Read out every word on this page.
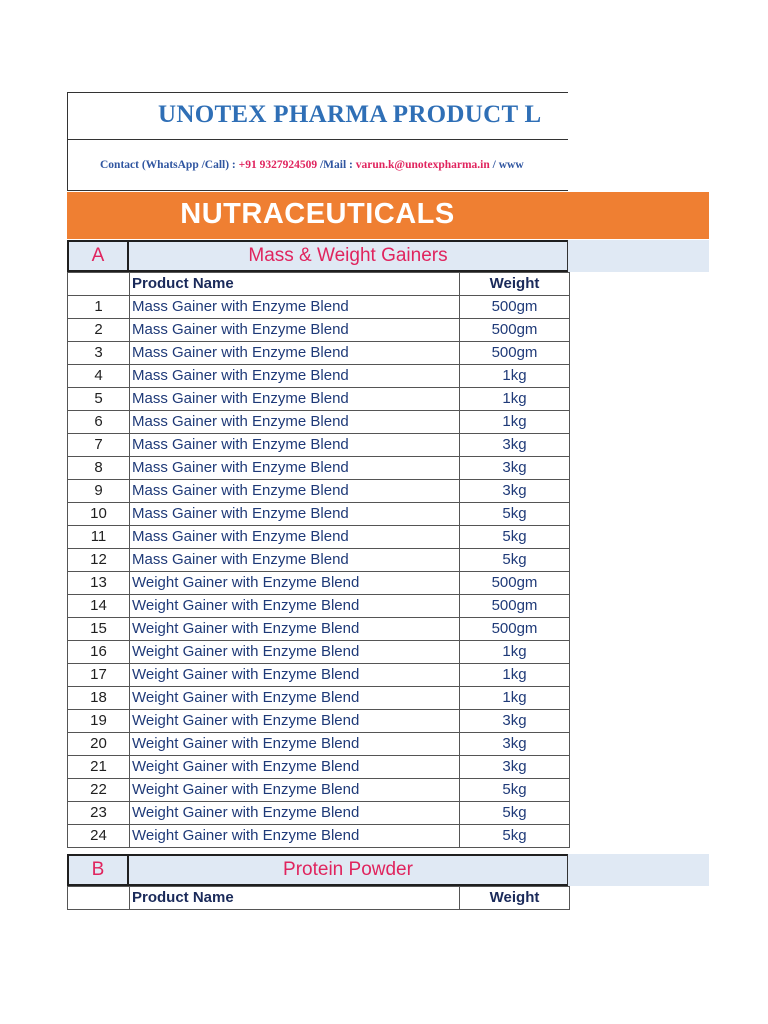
UNOTEX PHARMA PRODUCT L
Contact (WhatsApp /Call) : +91 9327924509 /Mail : varun.k@unotexpharma.in / www
NUTRACEUTICALS
A	Mass & Weight Gainers
	Product Name	Weight
1	Mass Gainer with Enzyme Blend	500gm
2	Mass Gainer with Enzyme Blend	500gm
3	Mass Gainer with Enzyme Blend	500gm
4	Mass Gainer with Enzyme Blend	1kg
5	Mass Gainer with Enzyme Blend	1kg
6	Mass Gainer with Enzyme Blend	1kg
7	Mass Gainer with Enzyme Blend	3kg
8	Mass Gainer with Enzyme Blend	3kg
9	Mass Gainer with Enzyme Blend	3kg
10	Mass Gainer with Enzyme Blend	5kg
11	Mass Gainer with Enzyme Blend	5kg
12	Mass Gainer with Enzyme Blend	5kg
13	Weight Gainer with Enzyme Blend	500gm
14	Weight Gainer with Enzyme Blend	500gm
15	Weight Gainer with Enzyme Blend	500gm
16	Weight Gainer with Enzyme Blend	1kg
17	Weight Gainer with Enzyme Blend	1kg
18	Weight Gainer with Enzyme Blend	1kg
19	Weight Gainer with Enzyme Blend	3kg
20	Weight Gainer with Enzyme Blend	3kg
21	Weight Gainer with Enzyme Blend	3kg
22	Weight Gainer with Enzyme Blend	5kg
23	Weight Gainer with Enzyme Blend	5kg
24	Weight Gainer with Enzyme Blend	5kg
B	Protein Powder
	Product Name	Weight
